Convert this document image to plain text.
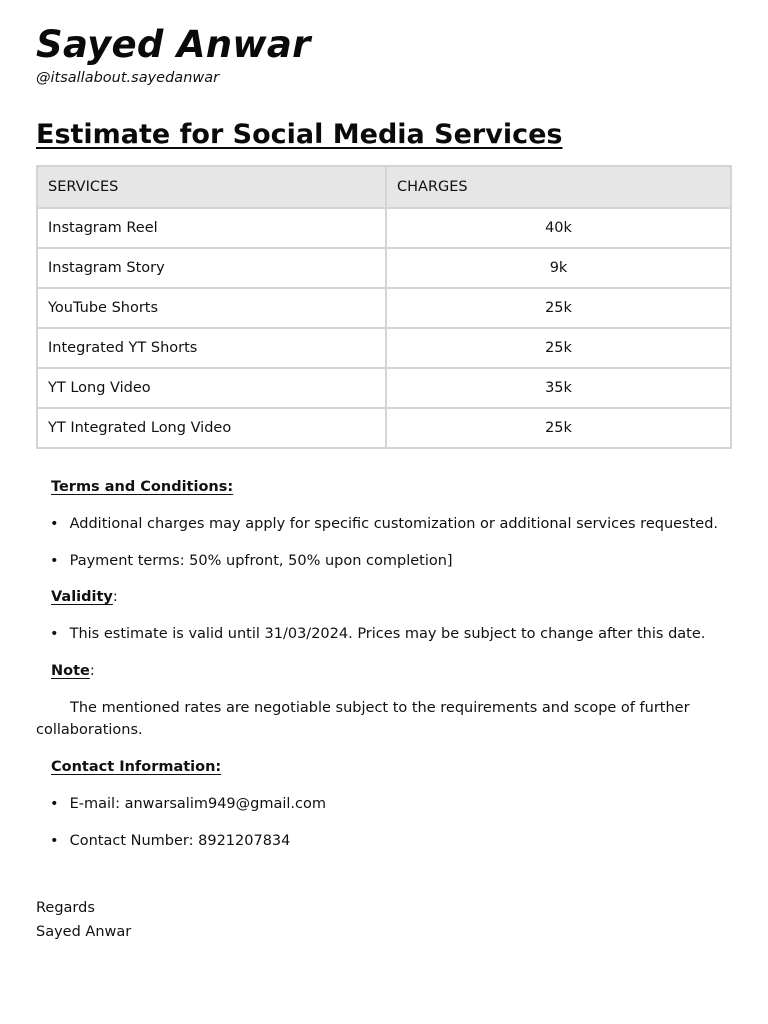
Sayed Anwar
@itsallabout.sayedanwar
Estimate for Social Media Services
SERVICES	CHARGES
Instagram Reel	40k
Instagram Story	9k
YouTube Shorts	25k
Integrated YT Shorts	25k
YT Long Video	35k
YT Integrated Long Video	25k
Terms and Conditions:
• Additional charges may apply for specific customization or additional services requested.
• Payment terms: 50% upfront, 50% upon completion]
Validity:
• This estimate is valid until 31/03/2024. Prices may be subject to change after this date.
Note:
The mentioned rates are negotiable subject to the requirements and scope of further collaborations.
Contact Information:
• E-mail: anwarsalim949@gmail.com
• Contact Number: 8921207834
Regards
Sayed Anwar
